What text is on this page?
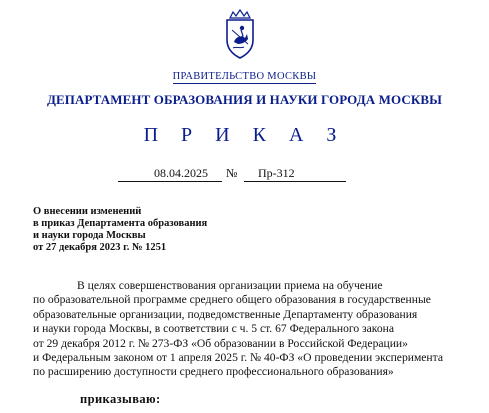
ПРАВИТЕЛЬСТВО МОСКВЫ
ДЕПАРТАМЕНТ ОБРАЗОВАНИЯ И НАУКИ ГОРОДА МОСКВЫ
П Р И К А З
08.04.2025	№	Пр-312
О внесении изменений
в приказ Департамента образования
и науки города Москвы
от 27 декабря 2023 г. № 1251
В целях совершенствования организации приема на обучение
по образовательной программе среднего общего образования в государственные
образовательные организации, подведомственные Департаменту образования
и науки города Москвы, в соответствии с ч. 5 ст. 67 Федерального закона
от 29 декабря 2012 г. № 273-ФЗ «Об образовании в Российской Федерации»
и Федеральным законом от 1 апреля 2025 г. № 40-ФЗ «О проведении эксперимента
по расширению доступности среднего профессионального образования»
приказываю:
